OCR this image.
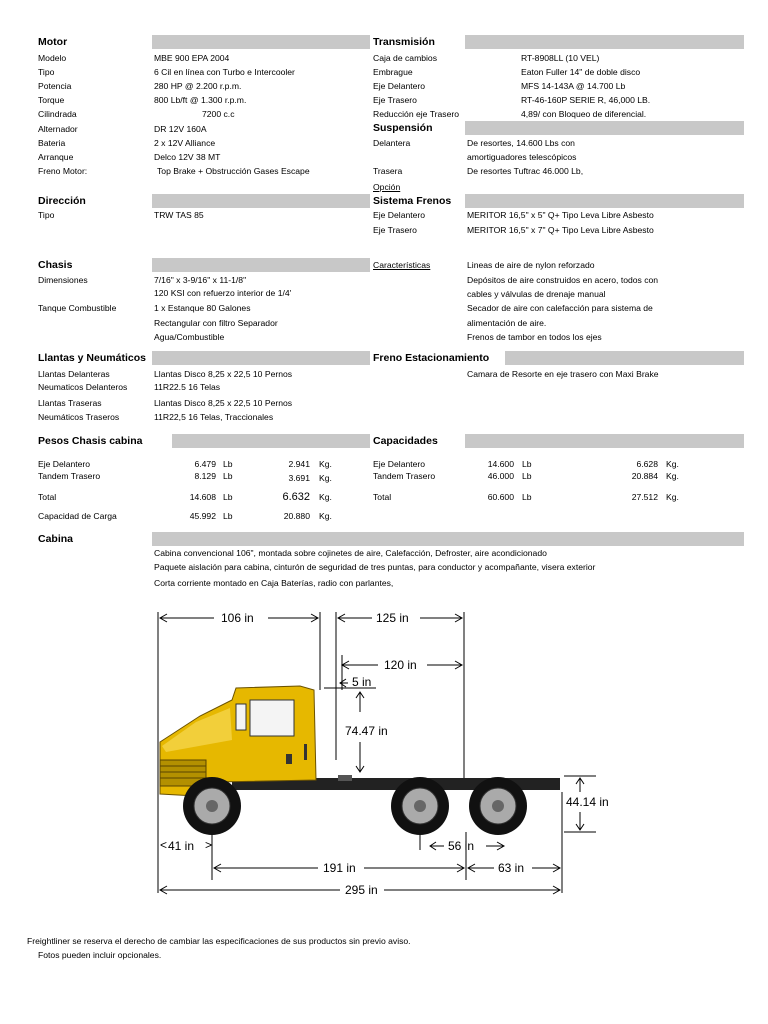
Motor
Modelo	MBE 900 EPA 2004
Tipo	6 Cil en línea con Turbo e Intercooler
Potencia	280 HP @ 2.200 r.p.m.
Torque	800 Lb/ft @ 1.300 r.p.m.
Cilindrada	7200 c.c
Alternador	DR 12V 160A
Bateria	2 x 12V Alliance
Arranque	Delco 12V 38 MT
Freno Motor:	Top Brake + Obstrucción Gases Escape
Transmisión
Caja de cambios	RT-8908LL (10 VEL)
Embrague	Eaton Fuller 14" de doble disco
Eje Delantero	MFS 14-143A @ 14.700 Lb
Eje Trasero	RT-46-160P SERIE R, 46,000 LB.
Reducción eje Trasero	4,89/ con Bloqueo de diferencial.
Suspensión
Delantera	De resortes, 14.600 Lbs con
amortiguadores telescópicos
Trasera	De resortes Tuftrac 46.000 Lb,
Opción
Dirección
Tipo	TRW TAS 85
Sistema Frenos
Eje Delantero	MERITOR 16,5" x 5" Q+ Tipo Leva Libre Asbesto
Eje Trasero	MERITOR 16,5" x 7" Q+ Tipo Leva Libre Asbesto
Chasis
Dimensiones	7/16" x 3-9/16" x 11-1/8"
120 KSI con refuerzo interior de 1/4'
Tanque Combustible	1 x Estanque 80 Galones
Rectangular con filtro Separador
Agua/Combustible
Características	Lineas de aire de nylon reforzado
Depósitos de aire construidos en acero, todos con
cables y válvulas de drenaje manual
Secador de aire con calefacción para sistema de
alimentación de aire.
Frenos de tambor en todos los ejes
Llantas y Neumáticos
Llantas Delanteras	Llantas Disco 8,25 x 22,5 10 Pernos
Neumaticos Delanteros	11R22.5 16 Telas
Llantas Traseras	Llantas Disco 8,25 x 22,5 10 Pernos
Neumáticos Traseros	11R22,5 16 Telas, Traccionales
Freno Estacionamiento
Camara de Resorte en eje trasero con Maxi Brake
Pesos Chasis cabina
Eje Delantero	6.479 Lb	2.941 Kg.
Tandem Trasero	8.129 Lb	3.691 Kg.
Total	14.608 Lb	6.632 Kg.
Capacidad de Carga	45.992 Lb	20.880 Kg.
Capacidades
Eje Delantero	14.600 Lb	6.628 Kg.
Tandem Trasero	46.000 Lb	20.884 Kg.
Total	60.600 Lb	27.512 Kg.
Cabina
Cabina convencional 106", montada sobre cojinetes de aire, Calefacción, Defroster, aire acondicionado
Paquete aislación para cabina, cinturón de seguridad de tres puntas, para conductor y acompañante, visera exterior
Corta corriente montado en Caja Baterías, radio con parlantes,
106 in	125 in
120 in
5 in
74.47 in
44.14 in
41 in	56 in
191 in	63 in
295 in
<	>
Freightliner se reserva el derecho de cambiar las especificaciones de sus productos sin previo aviso.
Fotos pueden incluir opcionales.
